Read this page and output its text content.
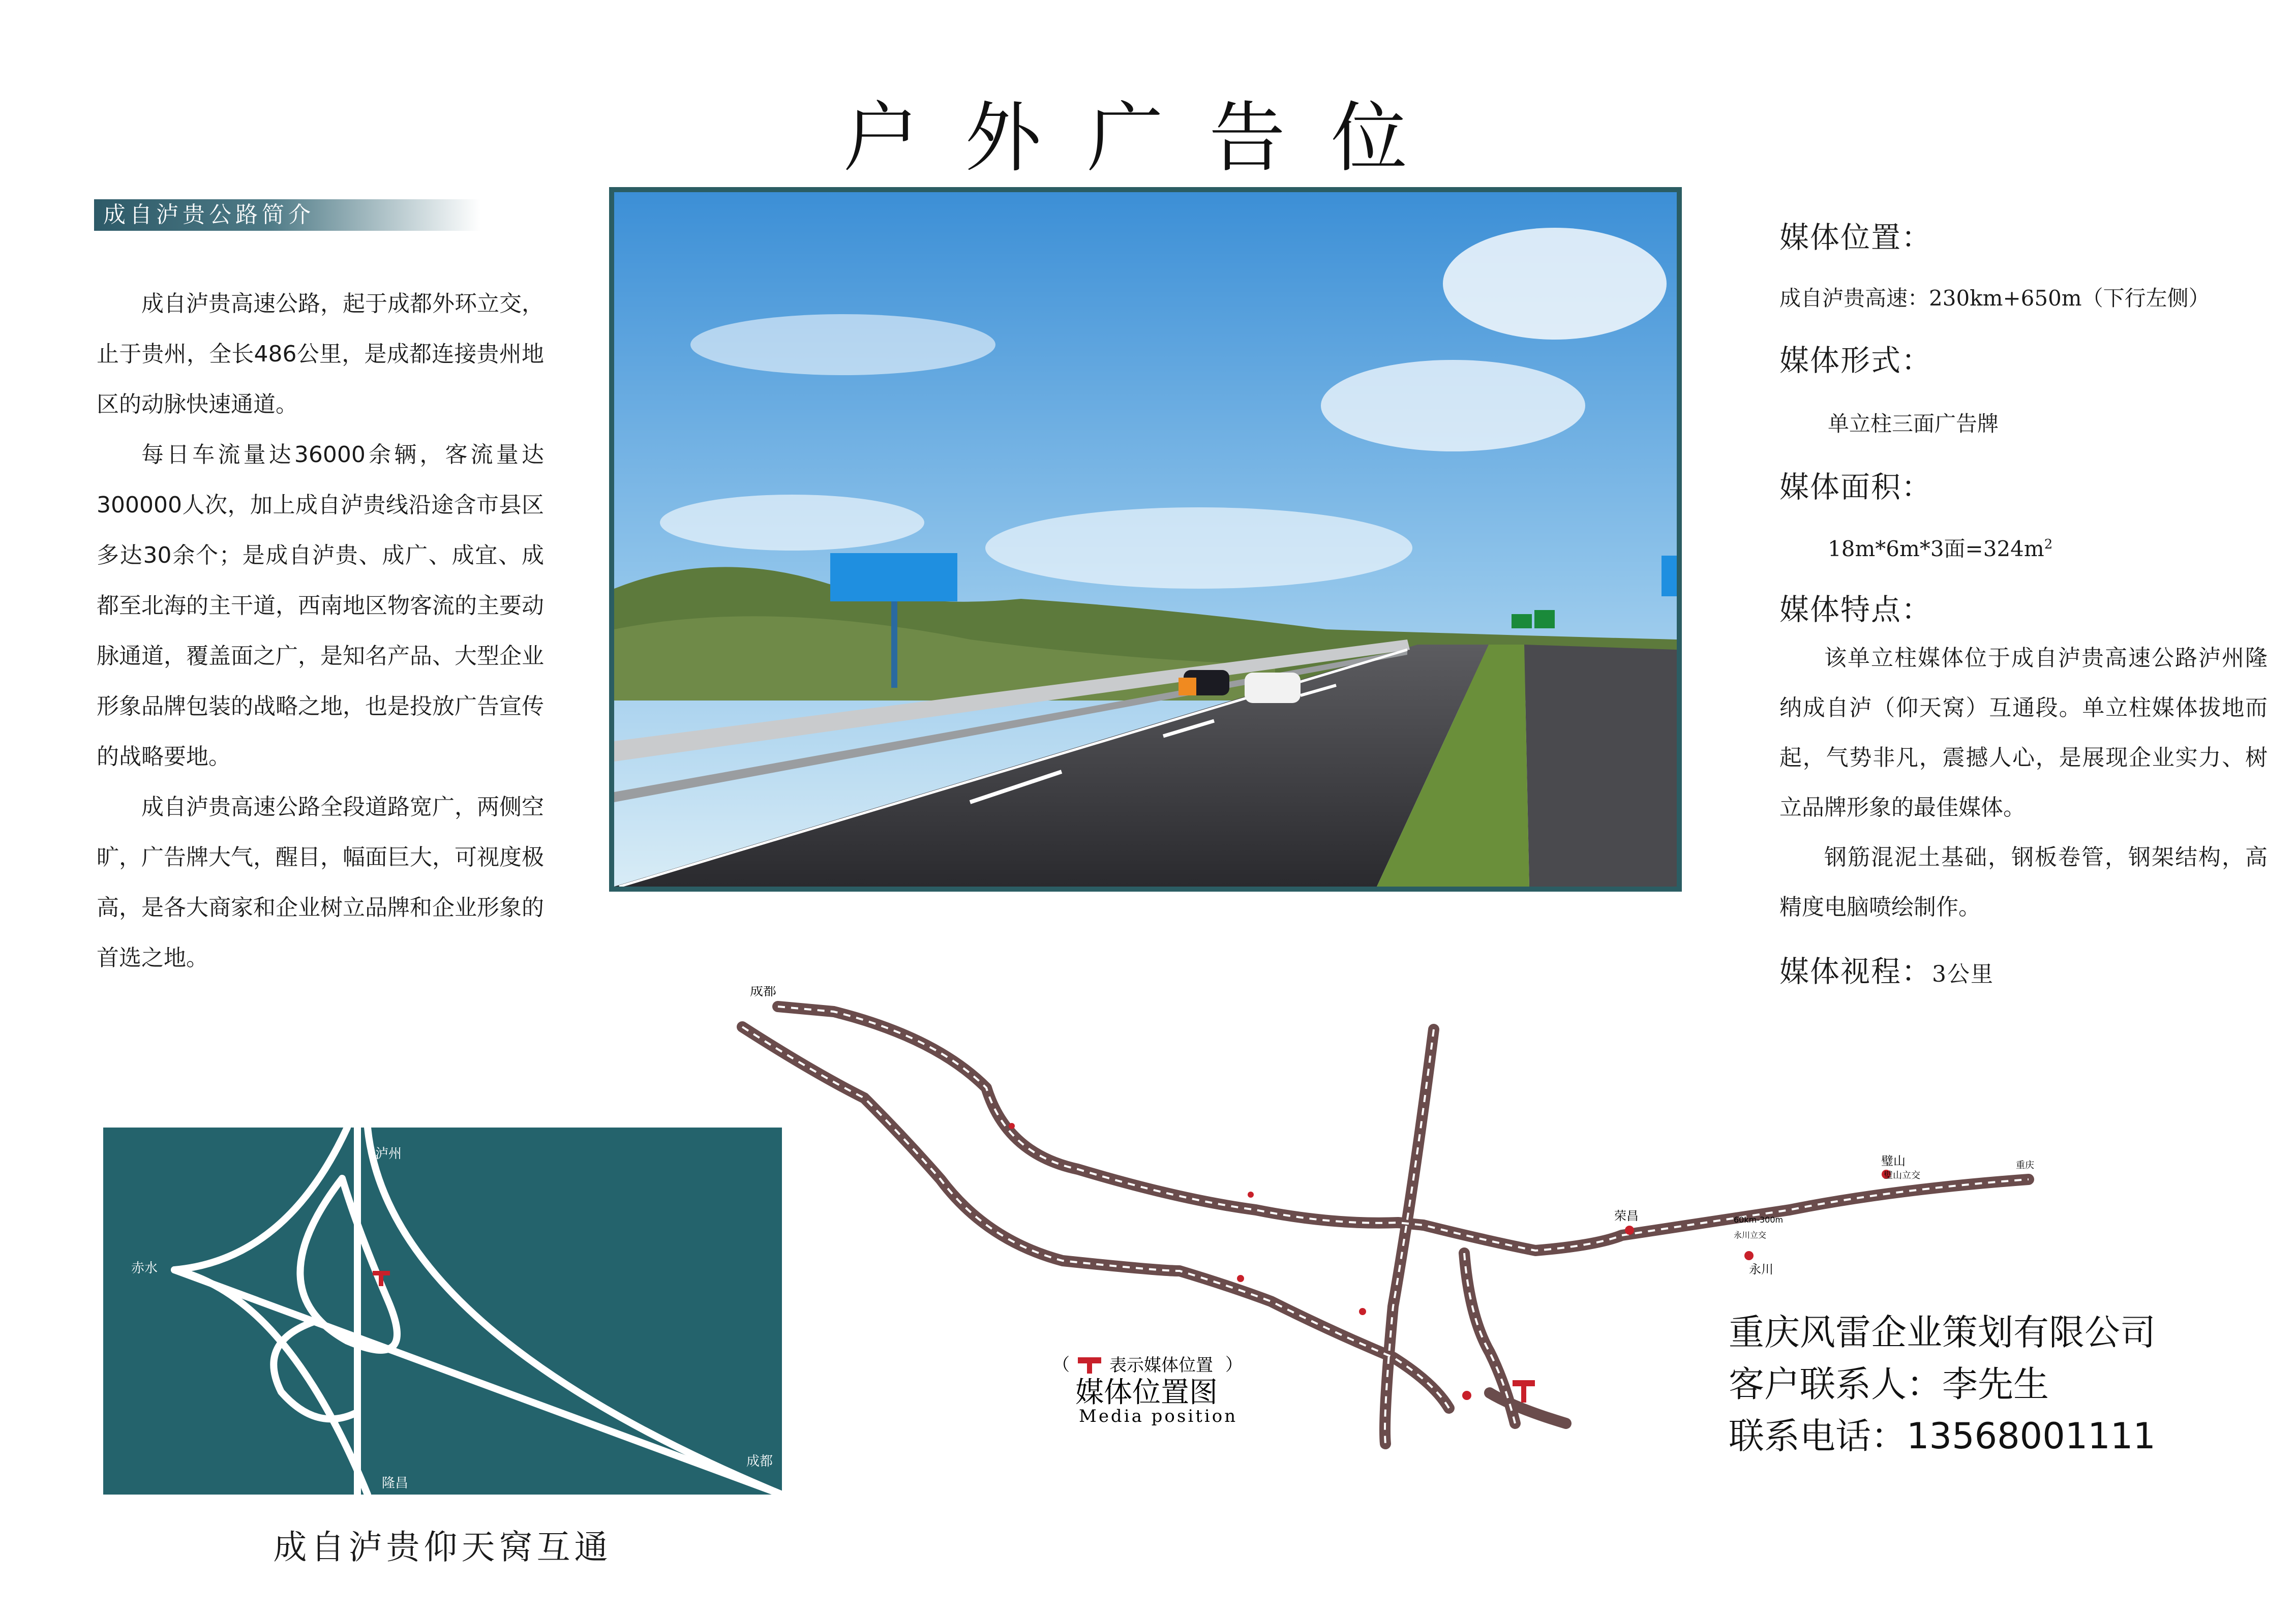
户外广告位
成自泸贵公路简介

成自泸贵高速公路，起于成都外环立交，止于贵州，全长486公里，是成都连接贵州地区的动脉快速通道。

每日车流量达36000余辆，客流量达300000人次，加上成自泸贵线沿途含市县区多达30余个；是成自泸贵、成广、成宜、成都至北海的主干道，西南地区物客流的主要动脉通道，覆盖面之广，是知名产品、大型企业形象品牌包装的战略之地，也是投放广告宣传的战略要地。

成自泸贵高速公路全段道路宽广，两侧空旷，广告牌大气，醒目，幅面巨大，可视度极高，是各大商家和企业树立品牌和企业形象的首选之地。

媒体位置：

成自泸贵高速：230km+650m（下行左侧）

媒体形式：

单立柱三面广告牌

媒体面积：

18m*6m*3面$=324m^2$

媒体特点：

该单立柱媒体位于成自泸贵高速公路泸州隆纳成自泸（仰天窝）互通段。单立柱媒体拔地而起，气势非凡，震撼人心，是展现企业实力、树立品牌形象的最佳媒体。

钢筋混泥土基础，钢板卷管，钢架结构，高精度电脑喷绘制作。

媒体视程：3公里

成都
荣昌
永川
璧山
璧山立交
重庆
永川立交
60km-300m
（ 表示媒体位置 ）
媒体位置图
Media position
重庆风雷企业策划有限公司
客户联系人：李先生
联系电话：13568001111
泸州
赤水
隆昌
成都
成自泸贵仰天窝互通
